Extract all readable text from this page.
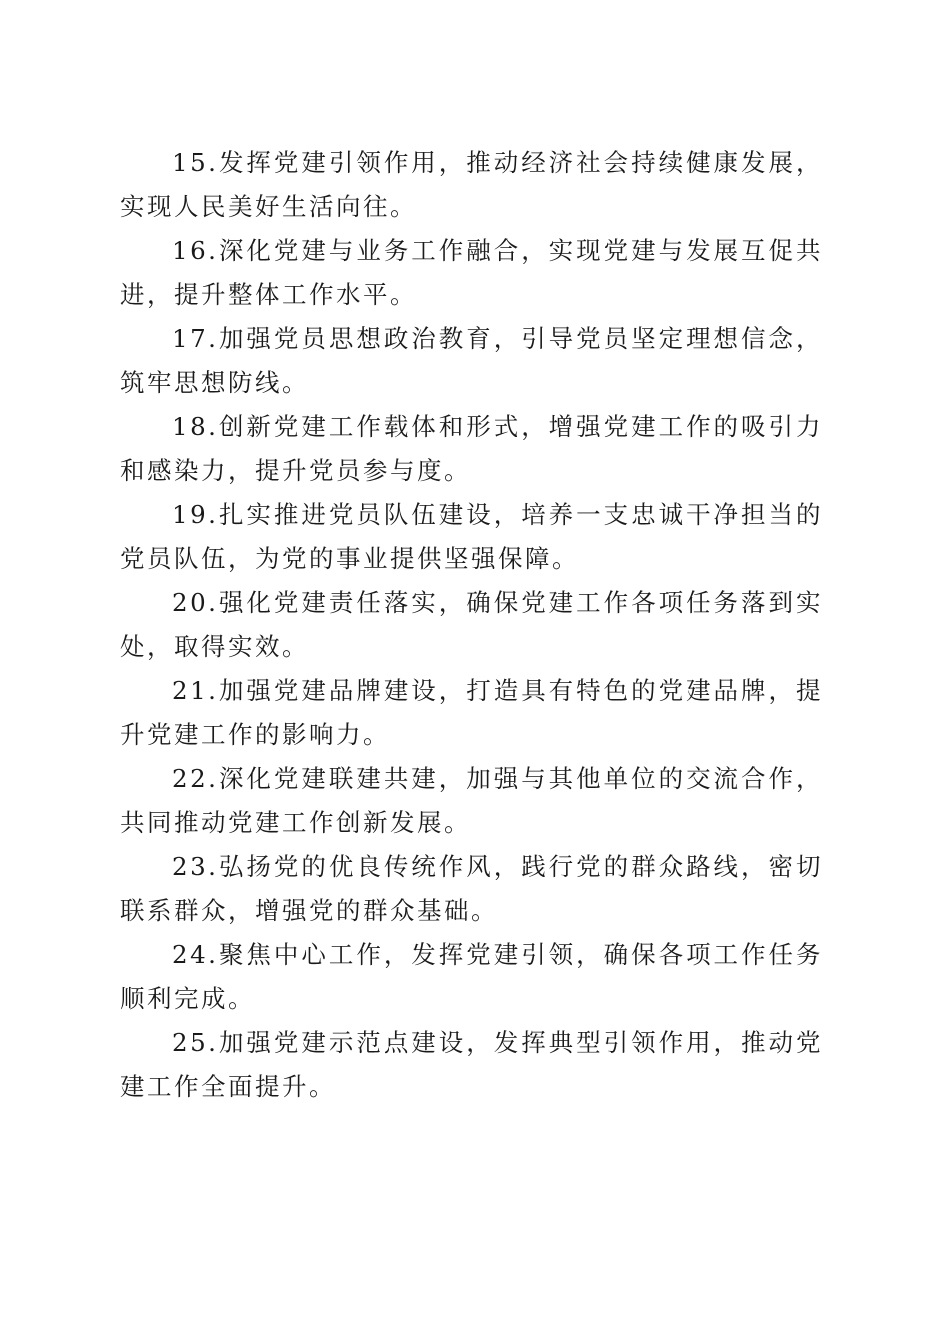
15.发挥党建引领作用，推动经济社会持续健康发展，实现人民美好生活向往。

16.深化党建与业务工作融合，实现党建与发展互促共进，提升整体工作水平。

17.加强党员思想政治教育，引导党员坚定理想信念，筑牢思想防线。

18.创新党建工作载体和形式，增强党建工作的吸引力和感染力，提升党员参与度。

19.扎实推进党员队伍建设，培养一支忠诚干净担当的党员队伍，为党的事业提供坚强保障。

20.强化党建责任落实，确保党建工作各项任务落到实处，取得实效。

21.加强党建品牌建设，打造具有特色的党建品牌，提升党建工作的影响力。

22.深化党建联建共建，加强与其他单位的交流合作，共同推动党建工作创新发展。

23.弘扬党的优良传统作风，践行党的群众路线，密切联系群众，增强党的群众基础。

24.聚焦中心工作，发挥党建引领，确保各项工作任务顺利完成。

25.加强党建示范点建设，发挥典型引领作用，推动党建工作全面提升。
